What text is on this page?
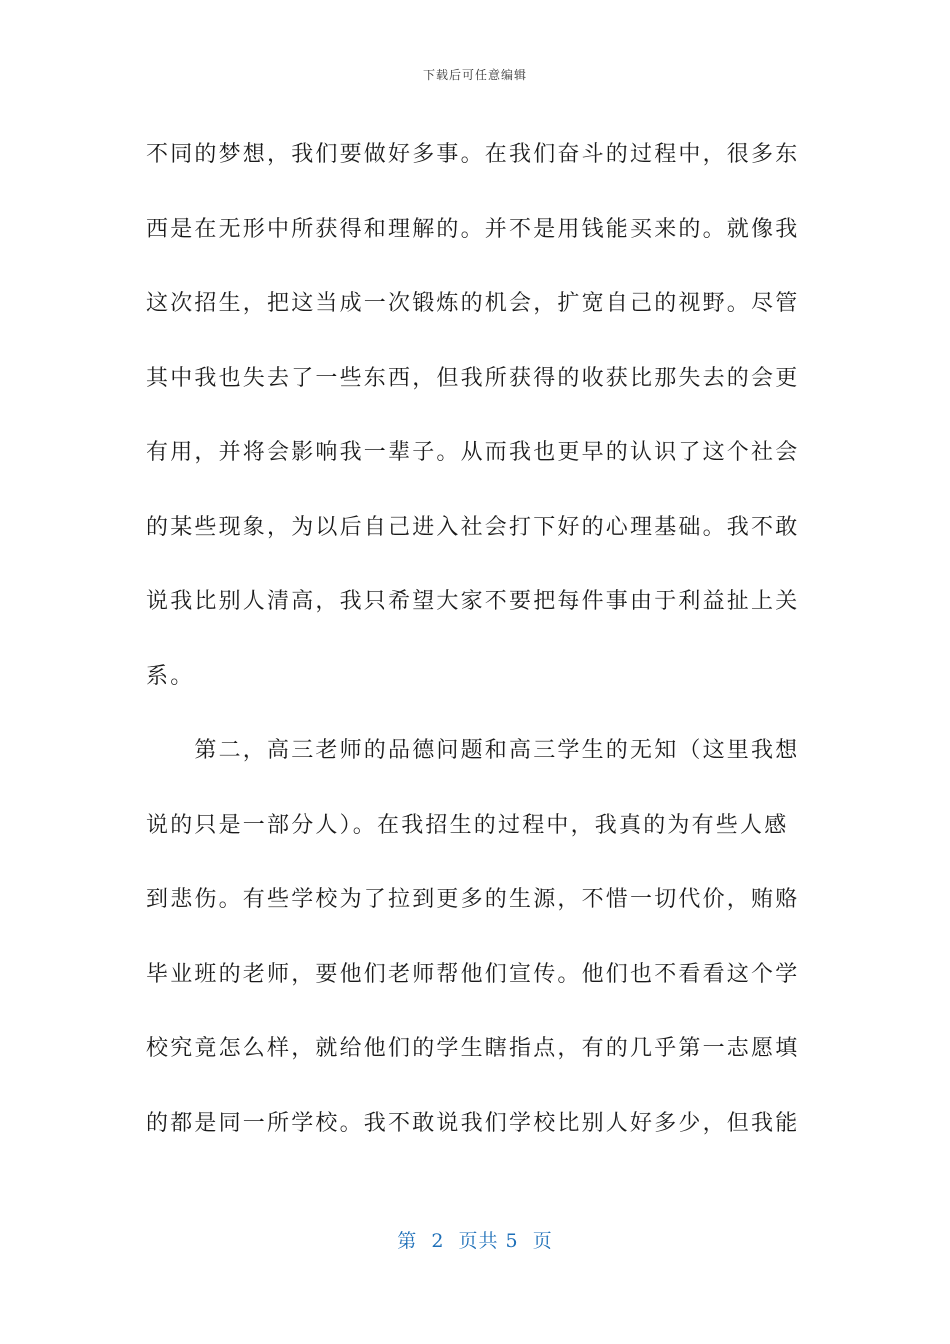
下载后可任意编辑
不同的梦想，我们要做好多事。在我们奋斗的过程中，很多东
西是在无形中所获得和理解的。并不是用钱能买来的。就像我
这次招生，把这当成一次锻炼的机会，扩宽自己的视野。尽管
其中我也失去了一些东西，但我所获得的收获比那失去的会更
有用，并将会影响我一辈子。从而我也更早的认识了这个社会
的某些现象，为以后自己进入社会打下好的心理基础。我不敢
说我比别人清高，我只希望大家不要把每件事由于利益扯上关
系。
　　第二，高三老师的品德问题和高三学生的无知（这里我想
说的只是一部分人）。在我招生的过程中，我真的为有些人感
到悲伤。有些学校为了拉到更多的生源，不惜一切代价，贿赂
毕业班的老师，要他们老师帮他们宣传。他们也不看看这个学
校究竟怎么样，就给他们的学生瞎指点，有的几乎第一志愿填
的都是同一所学校。我不敢说我们学校比别人好多少，但我能
第  2  页共 5  页
